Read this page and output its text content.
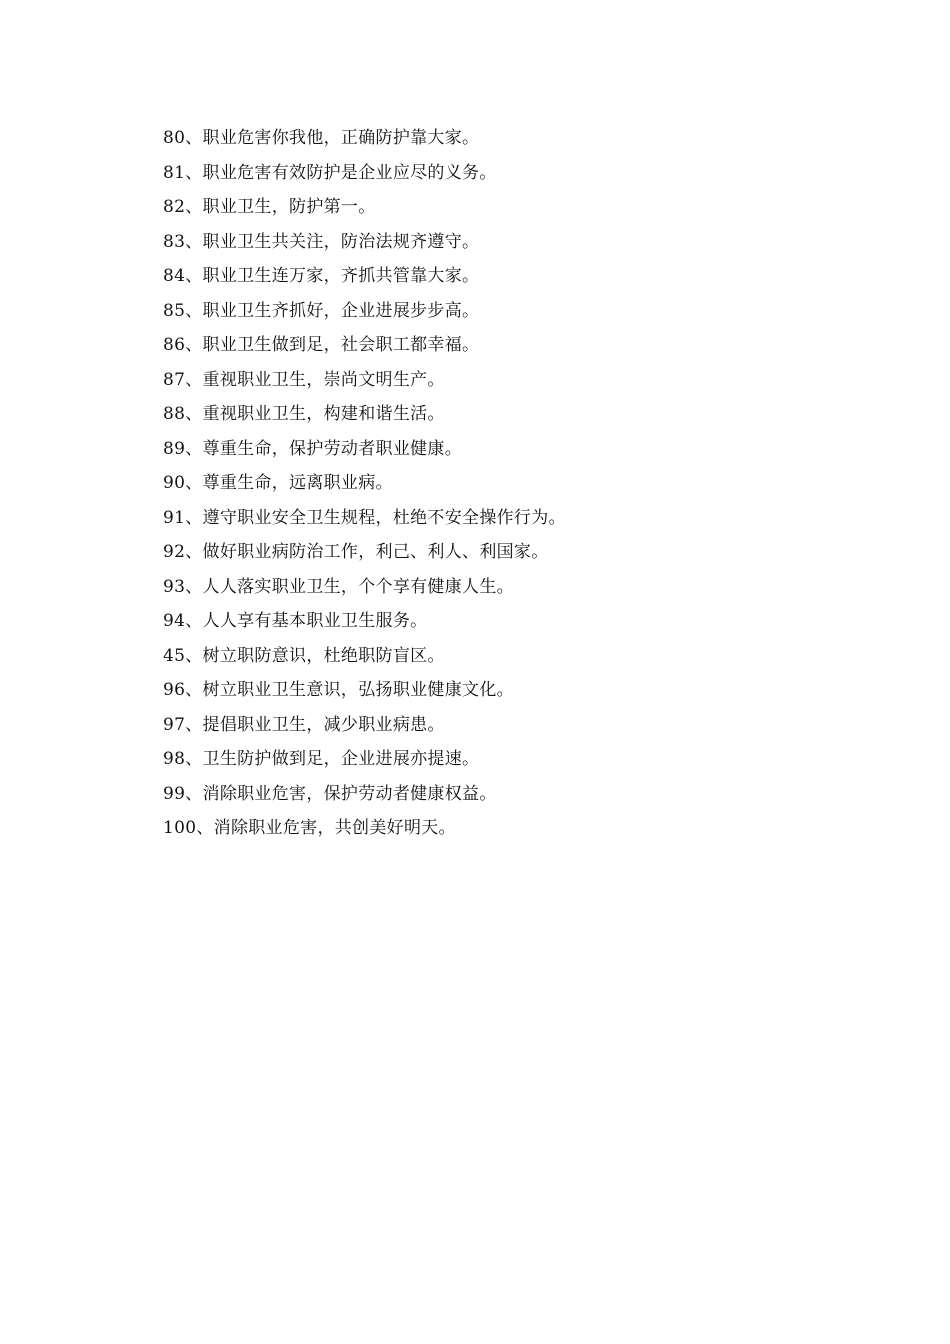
80、职业危害你我他，正确防护靠大家。
81、职业危害有效防护是企业应尽的义务。
82、职业卫生，防护第一。
83、职业卫生共关注，防治法规齐遵守。
84、职业卫生连万家，齐抓共管靠大家。
85、职业卫生齐抓好，企业进展步步高。
86、职业卫生做到足，社会职工都幸福。
87、重视职业卫生，崇尚文明生产。
88、重视职业卫生，构建和谐生活。
89、尊重生命，保护劳动者职业健康。
90、尊重生命，远离职业病。
91、遵守职业安全卫生规程，杜绝不安全操作行为。
92、做好职业病防治工作，利己、利人、利国家。
93、人人落实职业卫生，个个享有健康人生。
94、人人享有基本职业卫生服务。
45、树立职防意识，杜绝职防盲区。
96、树立职业卫生意识，弘扬职业健康文化。
97、提倡职业卫生，减少职业病患。
98、卫生防护做到足，企业进展亦提速。
99、消除职业危害，保护劳动者健康权益。
100、消除职业危害，共创美好明天。
